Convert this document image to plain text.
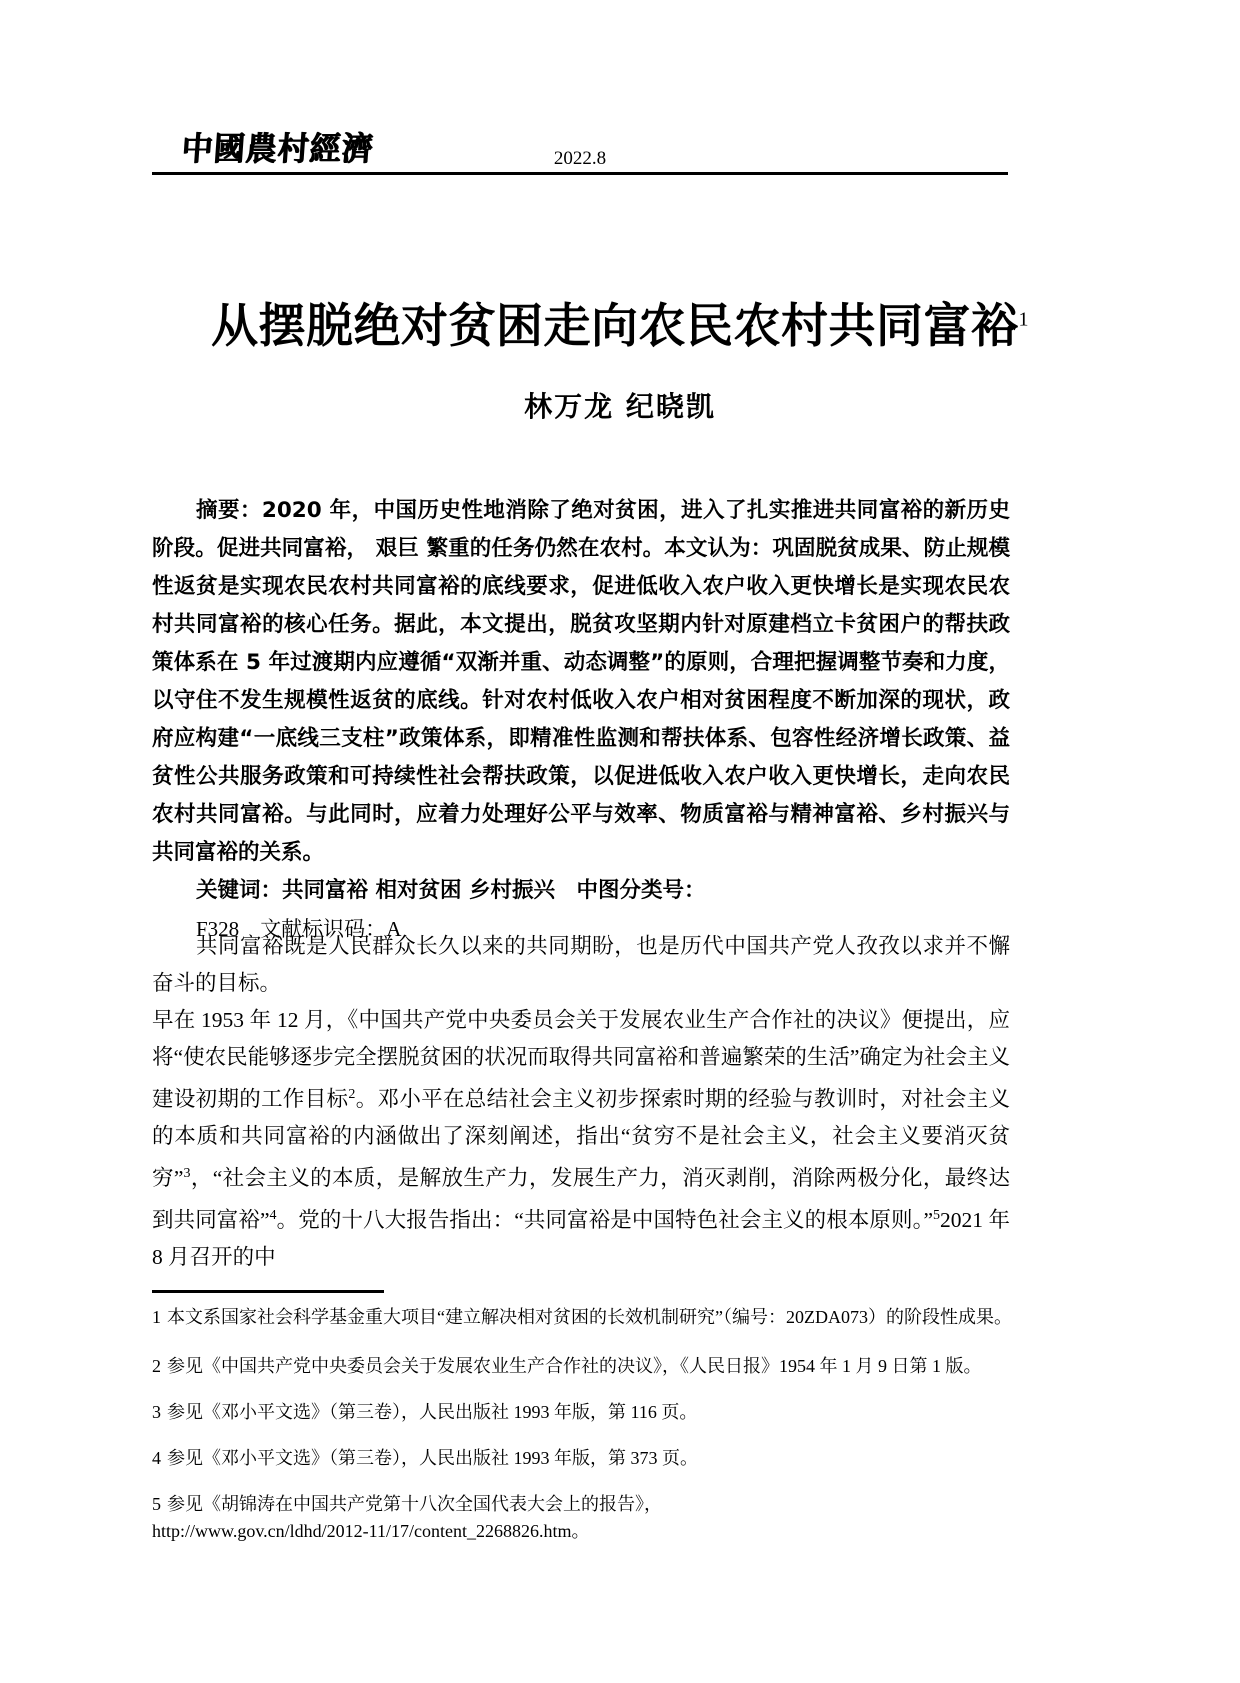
中國農村經濟	2022.8
从摆脱绝对贫困走向农民农村共同富裕$^1$
林万龙 纪晓凯

摘要：2020 年，中国历史性地消除了绝对贫困，进入了扎实推进共同富裕的新历史阶段。促进共同富裕， 艰巨 繁重的任务仍然在农村。本文认为：巩固脱贫成果、防止规模性返贫是实现农民农村共同富裕的底线要求，促进低收入农户收入更快增长是实现农民农村共同富裕的核心任务。据此，本文提出，脱贫攻坚期内针对原建档立卡贫困户的帮扶政策体系在 5 年过渡期内应遵循“双渐并重、动态调整”的原则，合理把握调整节奏和力度，以守住不发生规模性返贫的底线。针对农村低收入农户相对贫困程度不断加深的现状，政府应构建“一底线三支柱”政策体系，即精准性监测和帮扶体系、包容性经济增长政策、益贫性公共服务政策和可持续性社会帮扶政策，以促进低收入农户收入更快增长，走向农民农村共同富裕。与此同时，应着力处理好公平与效率、物质富裕与精神富裕、乡村振兴与共同富裕的关系。

关键词：共同富裕 相对贫困 乡村振兴　 中图分类号：

F328　 文献标识码：A

共同富裕既是人民群众长久以来的共同期盼，也是历代中国共产党人孜孜以求并不懈奋斗的目标。

早在 1953 年 12 月，《中国共产党中央委员会关于发展农业生产合作社的决议》便提出，应将“使农民能够逐步完全摆脱贫困的状况而取得共同富裕和普遍繁荣的生活”确定为社会主义建设初期的工作目标$^2$。邓小平在总结社会主义初步探索时期的经验与教训时，对社会主义的本质和共同富裕的内涵做出了深刻阐述，指出“贫穷不是社会主义，社会主义要消灭贫穷”$^3$，“社会主义的本质，是解放生产力，发展生产力，消灭剥削，消除两极分化，最终达到共同富裕”$^4$。党的十八大报告指出：“共同富裕是中国特色社会主义的根本原则。”$^5$2021 年 8 月召开的中

1 本文系国家社会科学基金重大项目“建立解决相对贫困的长效机制研究”（编号：20ZDA073）的阶段性成果。

2 参见《中国共产党中央委员会关于发展农业生产合作社的决议》，《人民日报》1954 年 1 月 9 日第 1 版。

3 参见《邓小平文选》（第三卷），人民出版社 1993 年版，第 116 页。

4 参见《邓小平文选》（第三卷），人民出版社 1993 年版，第 373 页。

5 参见《胡锦涛在中国共产党第十八次全国代表大会上的报告》，
http://www.gov.cn/ldhd/2012-11/17/content_2268826.htm。
